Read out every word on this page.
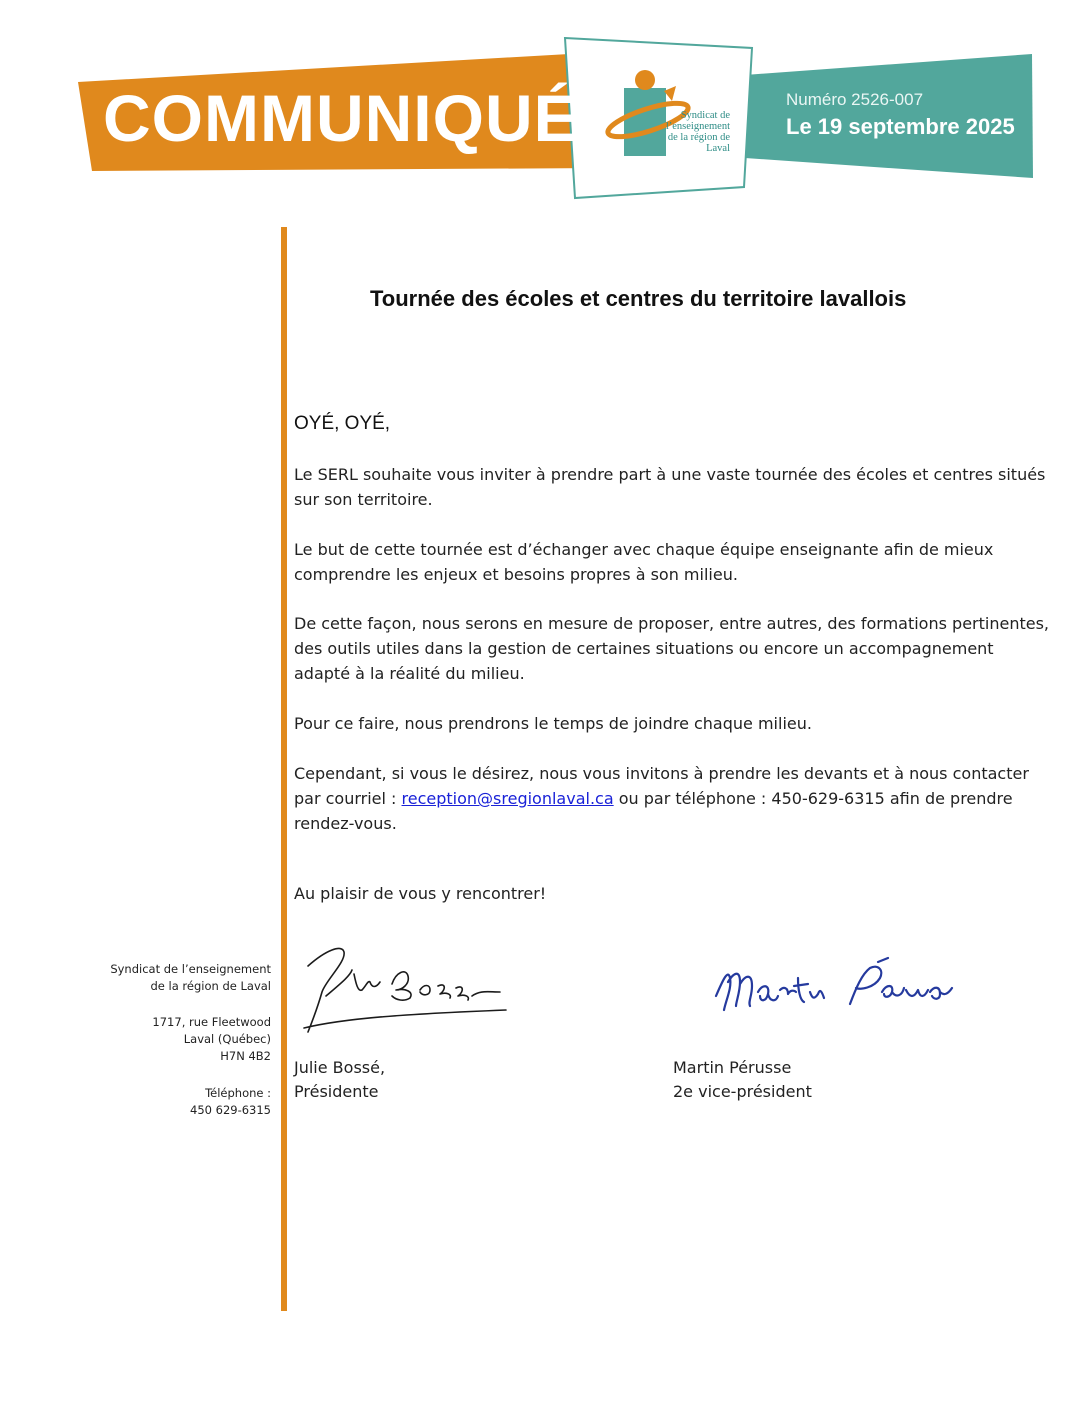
COMMUNIQUÉ	Syndicat de l’enseignement de la région de Laval
Numéro 2526-007
Le 19 septembre 2025
Tournée des écoles et centres du territoire lavallois
OYÉ, OYÉ,
Le SERL souhaite vous inviter à prendre part à une vaste tournée des écoles et centres situés sur son territoire.
Le but de cette tournée est d’échanger avec chaque équipe enseignante afin de mieux comprendre les enjeux et besoins propres à son milieu.
De cette façon, nous serons en mesure de proposer, entre autres, des formations pertinentes, des outils utiles dans la gestion de certaines situations ou encore un accompagnement adapté à la réalité du milieu.
Pour ce faire, nous prendrons le temps de joindre chaque milieu.
Cependant, si vous le désirez, nous vous invitons à prendre les devants et à nous contacter par courriel : reception@sregionlaval.ca ou par téléphone : 450-629-6315 afin de prendre rendez-vous.
Au plaisir de vous y rencontrer!
Syndicat de l’enseignement
de la région de Laval
1717, rue Fleetwood
Laval (Québec)
H7N 4B2
Téléphone :
450 629-6315
Julie Bossé,
Présidente
Martin Pérusse
2e vice-président
